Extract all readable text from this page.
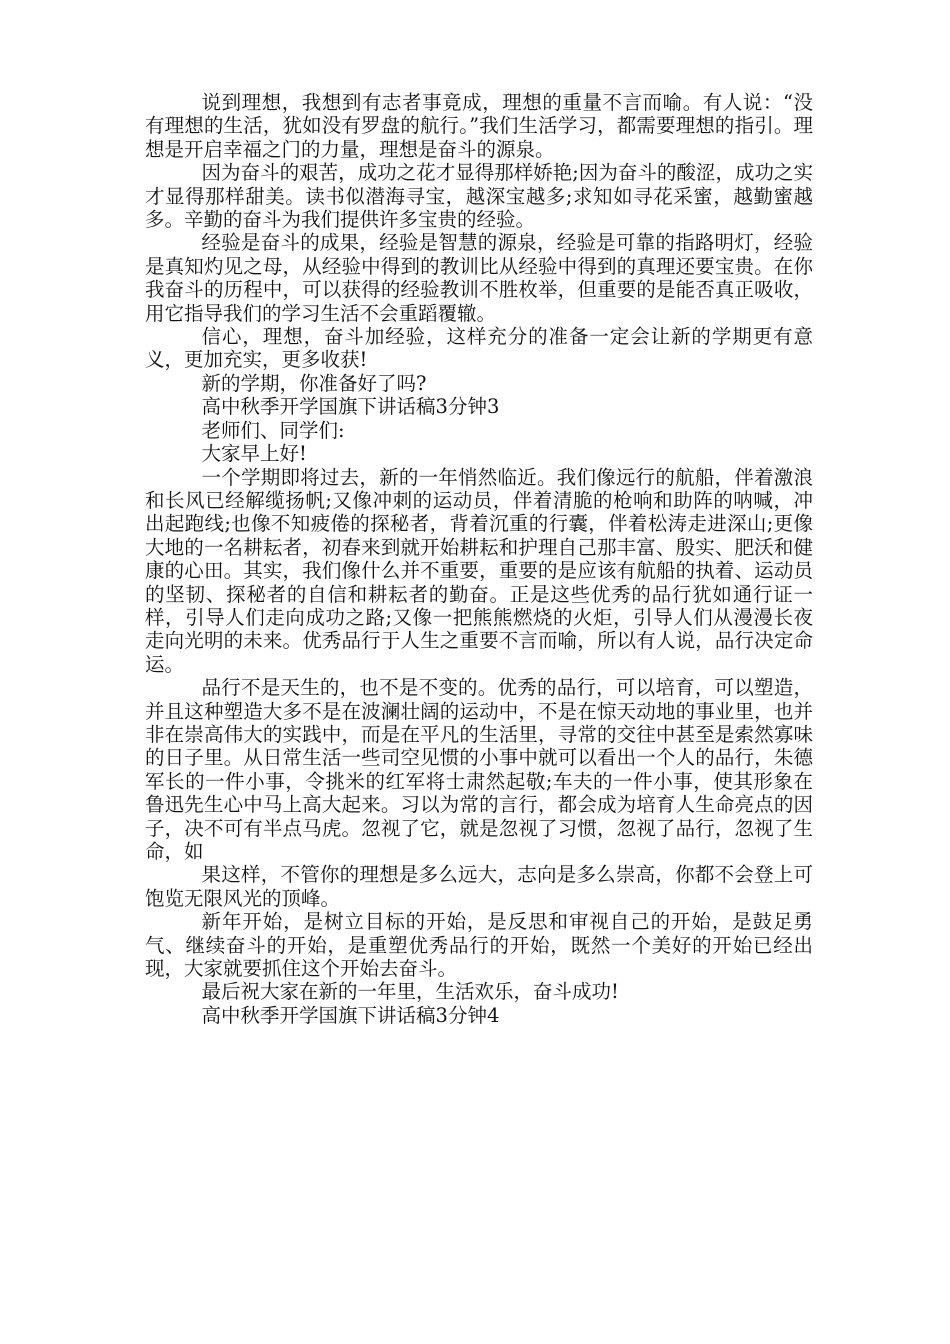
说到理想，我想到有志者事竟成，理想的重量不言而喻。有人说：“没有理想的生活，犹如没有罗盘的航行。”我们生活学习，都需要理想的指引。理想是开启幸福之门的力量，理想是奋斗的源泉。

因为奋斗的艰苦，成功之花才显得那样娇艳;因为奋斗的酸涩，成功之实才显得那样甜美。读书似潜海寻宝，越深宝越多;求知如寻花采蜜，越勤蜜越多。辛勤的奋斗为我们提供许多宝贵的经验。

经验是奋斗的成果，经验是智慧的源泉，经验是可靠的指路明灯，经验是真知灼见之母，从经验中得到的教训比从经验中得到的真理还要宝贵。在你我奋斗的历程中，可以获得的经验教训不胜枚举，但重要的是能否真正吸收，用它指导我们的学习生活不会重蹈覆辙。

信心，理想，奋斗加经验，这样充分的准备一定会让新的学期更有意义，更加充实，更多收获!

新的学期，你准备好了吗?

高中秋季开学国旗下讲话稿3分钟3

老师们、同学们:

大家早上好!

一个学期即将过去，新的一年悄然临近。我们像远行的航船，伴着激浪和长风已经解缆扬帆;又像冲刺的运动员，伴着清脆的枪响和助阵的呐喊，冲出起跑线;也像不知疲倦的探秘者，背着沉重的行囊，伴着松涛走进深山;更像大地的一名耕耘者，初春来到就开始耕耘和护理自己那丰富、殷实、肥沃和健康的心田。其实，我们像什么并不重要，重要的是应该有航船的执着、运动员的坚韧、探秘者的自信和耕耘者的勤奋。正是这些优秀的品行犹如通行证一样，引导人们走向成功之路;又像一把熊熊燃烧的火炬，引导人们从漫漫长夜走向光明的未来。优秀品行于人生之重要不言而喻，所以有人说，品行决定命运。

品行不是天生的，也不是不变的。优秀的品行，可以培育，可以塑造，并且这种塑造大多不是在波澜壮阔的运动中，不是在惊天动地的事业里，也并非在崇高伟大的实践中，而是在平凡的生活里，寻常的交往中甚至是索然寡味的日子里。从日常生活一些司空见惯的小事中就可以看出一个人的品行，朱德军长的一件小事，令挑米的红军将士肃然起敬;车夫的一件小事，使其形象在鲁迅先生心中马上高大起来。习以为常的言行，都会成为培育人生命亮点的因子，决不可有半点马虎。忽视了它，就是忽视了习惯，忽视了品行，忽视了生命，如

果这样，不管你的理想是多么远大，志向是多么崇高，你都不会登上可饱览无限风光的顶峰。

新年开始，是树立目标的开始，是反思和审视自己的开始，是鼓足勇气、继续奋斗的开始，是重塑优秀品行的开始，既然一个美好的开始已经出现，大家就要抓住这个开始去奋斗。

最后祝大家在新的一年里，生活欢乐，奋斗成功!

高中秋季开学国旗下讲话稿3分钟4
